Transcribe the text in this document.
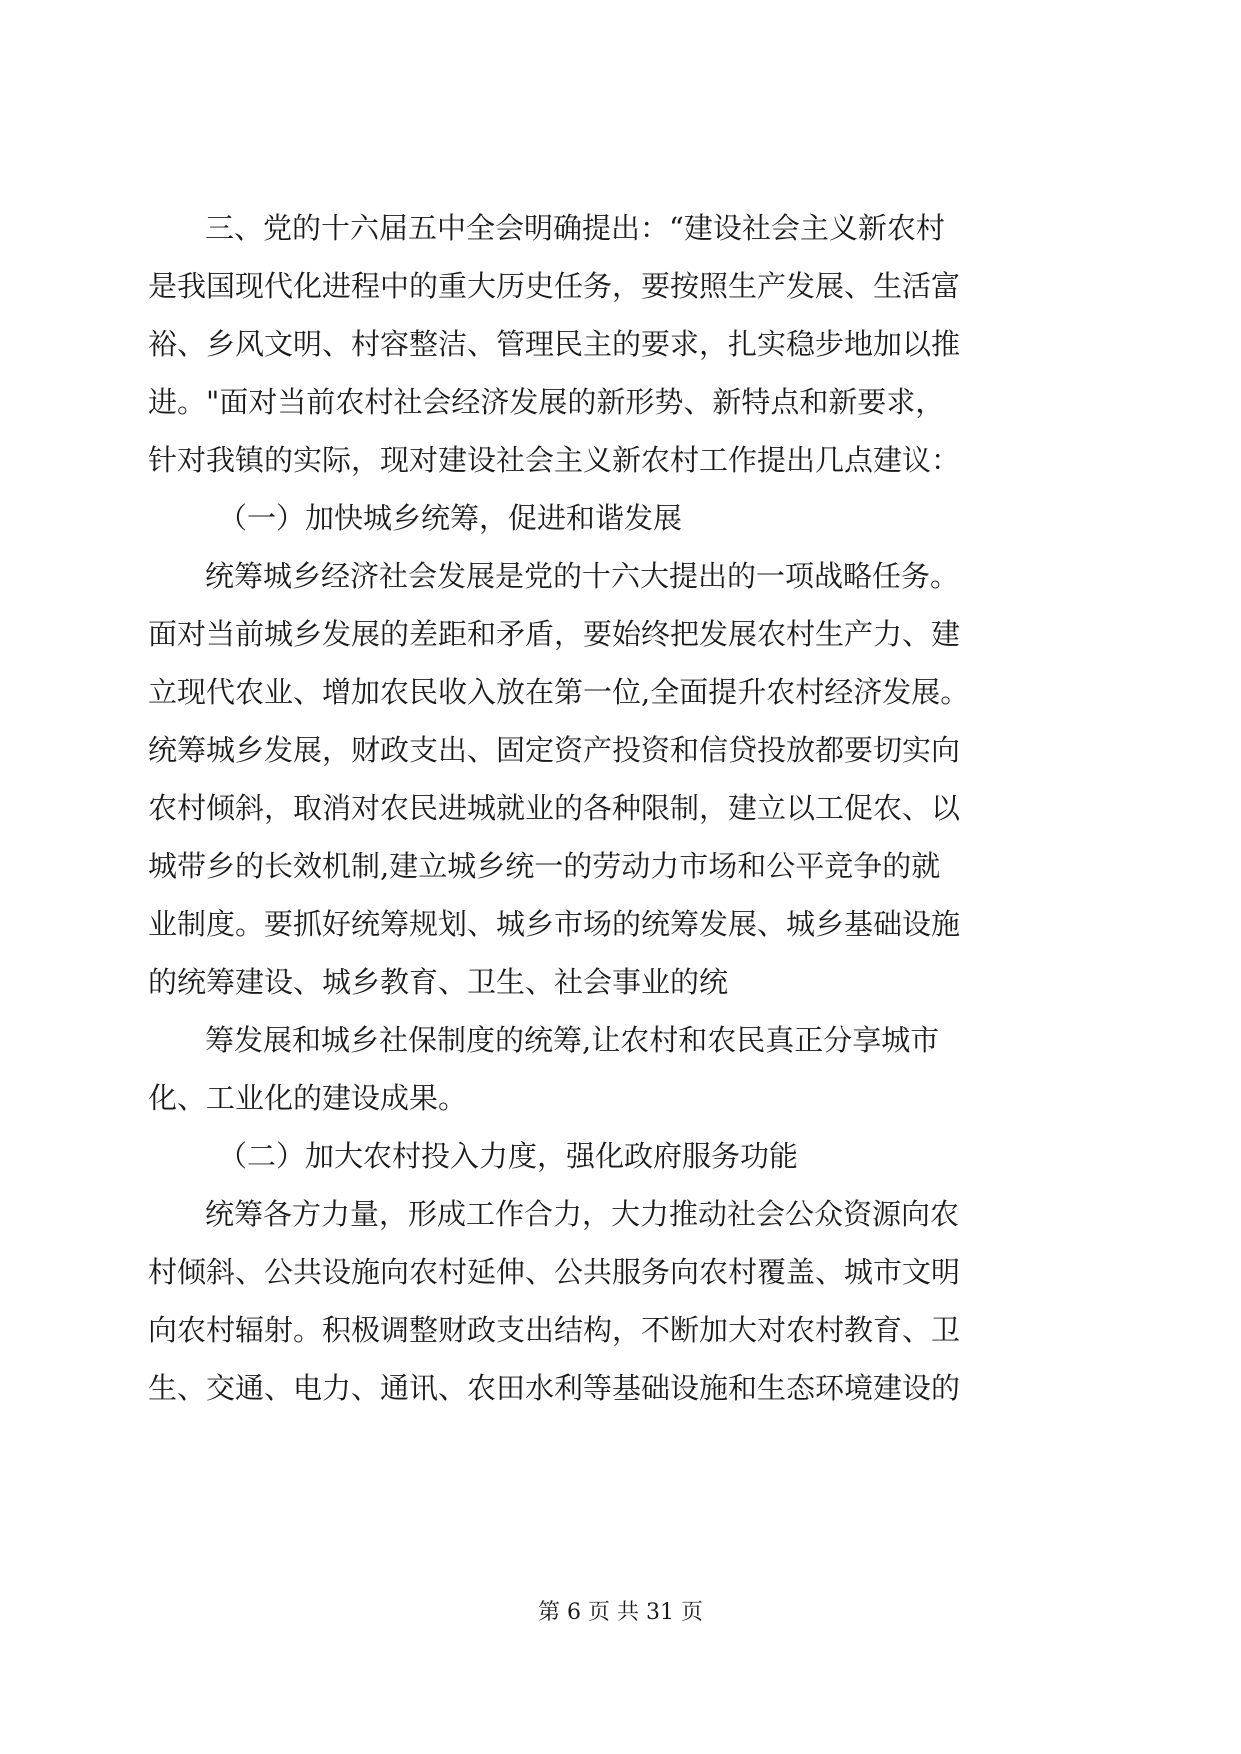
三、党的十六届五中全会明确提出：“建设社会主义新农村

是我国现代化进程中的重大历史任务，要按照生产发展、生活富

裕、乡风文明、村容整洁、管理民主的要求，扎实稳步地加以推

进。"面对当前农村社会经济发展的新形势、新特点和新要求，

针对我镇的实际，现对建设社会主义新农村工作提出几点建议：

（一）加快城乡统筹，促进和谐发展

统筹城乡经济社会发展是党的十六大提出的一项战略任务。

面对当前城乡发展的差距和矛盾，要始终把发展农村生产力、建

立现代农业、增加农民收入放在第一位,全面提升农村经济发展。

统筹城乡发展，财政支出、固定资产投资和信贷投放都要切实向

农村倾斜，取消对农民进城就业的各种限制，建立以工促农、以

城带乡的长效机制,建立城乡统一的劳动力市场和公平竞争的就

业制度。要抓好统筹规划、城乡市场的统筹发展、城乡基础设施

的统筹建设、城乡教育、卫生、社会事业的统

筹发展和城乡社保制度的统筹,让农村和农民真正分享城市

化、工业化的建设成果。

（二）加大农村投入力度，强化政府服务功能

统筹各方力量，形成工作合力，大力推动社会公众资源向农

村倾斜、公共设施向农村延伸、公共服务向农村覆盖、城市文明

向农村辐射。积极调整财政支出结构，不断加大对农村教育、卫

生、交通、电力、通讯、农田水利等基础设施和生态环境建设的

第 6 页 共 31 页
